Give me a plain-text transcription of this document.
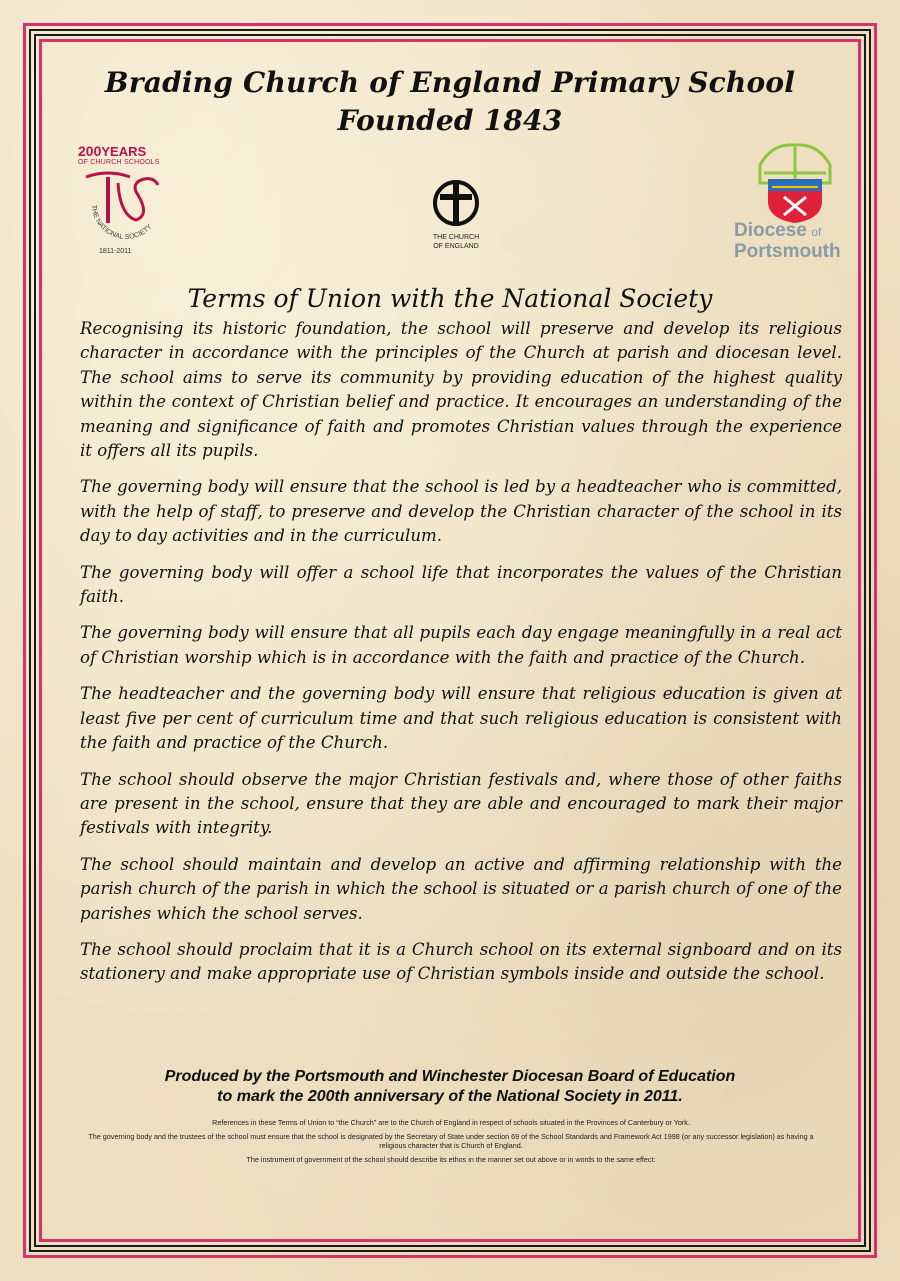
Brading Church of England Primary School
Founded 1843
200YEARS
OF CHURCH SCHOOLS
THE NATIONAL SOCIETY
1811-2011
THE CHURCH
OF ENGLAND
Diocese of
Portsmouth
Terms of Union with the National Society

Recognising its historic foundation, the school will preserve and develop its religious character in accordance with the principles of the Church at parish and diocesan level. The school aims to serve its community by providing education of the highest quality within the context of Christian belief and practice. It encourages an understanding of the meaning and significance of faith and promotes Christian values through the experience it offers all its pupils.

The governing body will ensure that the school is led by a headteacher who is committed, with the help of staff, to preserve and develop the Christian character of the school in its day to day activities and in the curriculum.

The governing body will offer a school life that incorporates the values of the Christian faith.

The governing body will ensure that all pupils each day engage meaningfully in a real act of Christian worship which is in accordance with the faith and practice of the Church.

The headteacher and the governing body will ensure that religious education is given at least five per cent of curriculum time and that such religious education is consistent with the faith and practice of the Church.

The school should observe the major Christian festivals and, where those of other faiths are present in the school, ensure that they are able and encouraged to mark their major festivals with integrity.

The school should maintain and develop an active and affirming relationship with the parish church of the parish in which the school is situated or a parish church of one of the parishes which the school serves.

The school should proclaim that it is a Church school on its external signboard and on its stationery and make appropriate use of Christian symbols inside and outside the school.

Produced by the Portsmouth and Winchester Diocesan Board of Education
to mark the 200th anniversary of the National Society in 2011.

References in these Terms of Union to “the Church” are to the Church of England in respect of schools situated in the Provinces of Canterbury or York.

The governing body and the trustees of the school must ensure that the school is designated by the Secretary of State under section 69 of the School Standards and Framework Act 1998 (or any successor legislation) as having a religious character that is Church of England.

The instrument of government of the school should describe its ethos in the manner set out above or in words to the same effect:
